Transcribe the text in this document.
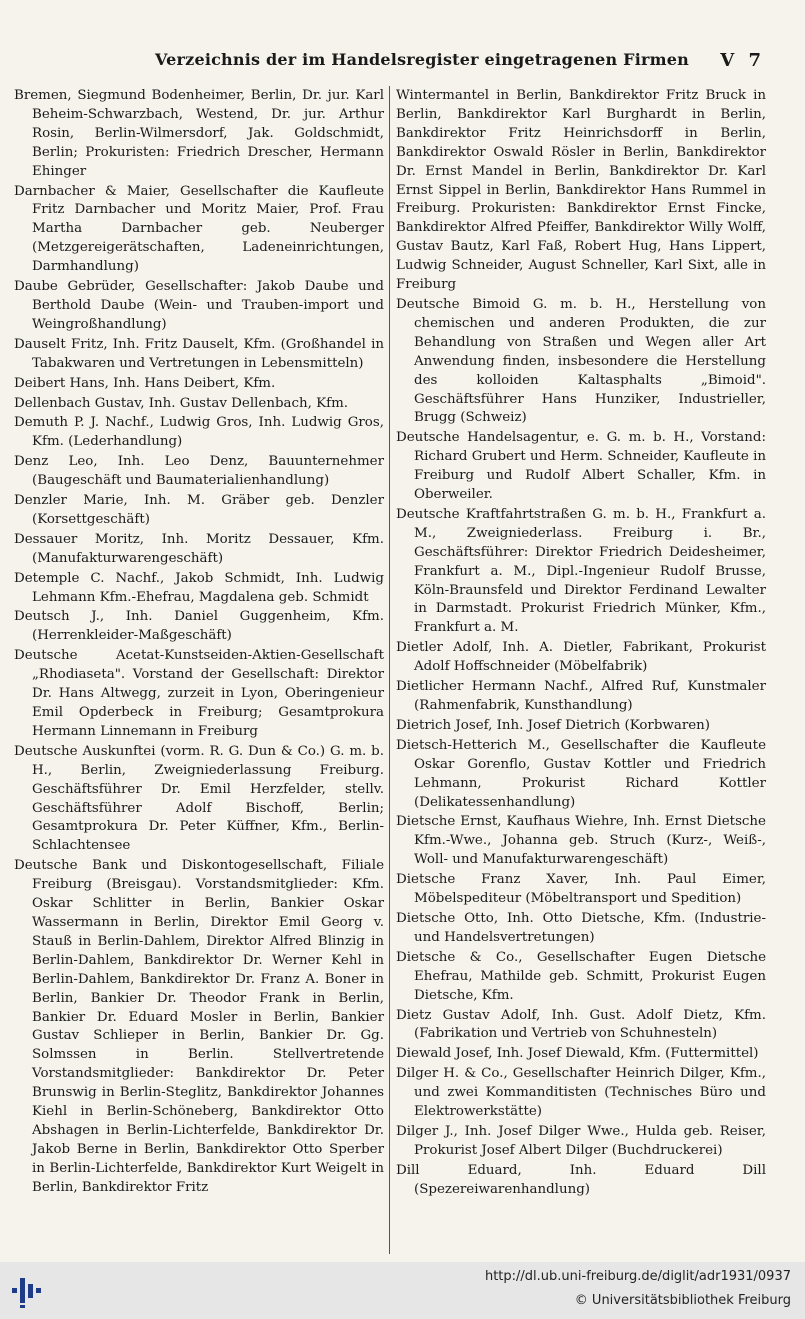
Verzeichnis der im Handelsregister eingetragenen Firmen V 7

Bremen, Siegmund Bodenheimer, Berlin, Dr. jur. Karl Beheim-Schwarzbach, Westend, Dr. jur. Arthur Rosin, Berlin-Wilmersdorf, Jak. Goldschmidt, Berlin; Prokuristen: Friedrich Drescher, Hermann Ehinger

Darnbacher & Maier, Gesellschafter die Kaufleute Fritz Darnbacher und Moritz Maier, Prof. Frau Martha Darnbacher geb. Neuberger (Metzgereigerätschaften, Ladeneinrichtungen, Darmhandlung)

Daube Gebrüder, Gesellschafter: Jakob Daube und Berthold Daube (Wein- und Trauben-import und Weingroßhandlung)

Dauselt Fritz, Inh. Fritz Dauselt, Kfm. (Großhandel in Tabakwaren und Vertretungen in Lebensmitteln)

Deibert Hans, Inh. Hans Deibert, Kfm.

Dellenbach Gustav, Inh. Gustav Dellenbach, Kfm.

Demuth P. J. Nachf., Ludwig Gros, Inh. Ludwig Gros, Kfm. (Lederhandlung)

Denz Leo, Inh. Leo Denz, Bauunternehmer (Baugeschäft und Baumaterialienhandlung)

Denzler Marie, Inh. M. Gräber geb. Denzler (Korsettgeschäft)

Dessauer Moritz, Inh. Moritz Dessauer, Kfm. (Manufakturwarengeschäft)

Detemple C. Nachf., Jakob Schmidt, Inh. Ludwig Lehmann Kfm.-Ehefrau, Magdalena geb. Schmidt

Deutsch J., Inh. Daniel Guggenheim, Kfm. (Herrenkleider-Maßgeschäft)

Deutsche Acetat-Kunstseiden-Aktien-Gesellschaft „Rhodiaseta". Vorstand der Gesellschaft: Direktor Dr. Hans Altwegg, zurzeit in Lyon, Oberingenieur Emil Opderbeck in Freiburg; Gesamtprokura Hermann Linnemann in Freiburg

Deutsche Auskunftei (vorm. R. G. Dun & Co.) G. m. b. H., Berlin, Zweigniederlassung Freiburg. Geschäftsführer Dr. Emil Herzfelder, stellv. Geschäftsführer Adolf Bischoff, Berlin; Gesamtprokura Dr. Peter Küffner, Kfm., Berlin-Schlachtensee

Deutsche Bank und Diskontogesellschaft, Filiale Freiburg (Breisgau). Vorstandsmitglieder: Kfm. Oskar Schlitter in Berlin, Bankier Oskar Wassermann in Berlin, Direktor Emil Georg v. Stauß in Berlin-Dahlem, Direktor Alfred Blinzig in Berlin-Dahlem, Bankdirektor Dr. Werner Kehl in Berlin-Dahlem, Bankdirektor Dr. Franz A. Boner in Berlin, Bankier Dr. Theodor Frank in Berlin, Bankier Dr. Eduard Mosler in Berlin, Bankier Gustav Schlieper in Berlin, Bankier Dr. Gg. Solmssen in Berlin. Stellvertretende Vorstandsmitglieder: Bankdirektor Dr. Peter Brunswig in Berlin-Steglitz, Bankdirektor Johannes Kiehl in Berlin-Schöneberg, Bankdirektor Otto Abshagen in Berlin-Lichterfelde, Bankdirektor Dr. Jakob Berne in Berlin, Bankdirektor Otto Sperber in Berlin-Lichterfelde, Bankdirektor Kurt Weigelt in Berlin, Bankdirektor Fritz

Wintermantel in Berlin, Bankdirektor Fritz Bruck in Berlin, Bankdirektor Karl Burghardt in Berlin, Bankdirektor Fritz Heinrichsdorff in Berlin, Bankdirektor Oswald Rösler in Berlin, Bankdirektor Dr. Ernst Mandel in Berlin, Bankdirektor Dr. Karl Ernst Sippel in Berlin, Bankdirektor Hans Rummel in Freiburg. Prokuristen: Bankdirektor Ernst Fincke, Bankdirektor Alfred Pfeiffer, Bankdirektor Willy Wolff, Gustav Bautz, Karl Faß, Robert Hug, Hans Lippert, Ludwig Schneider, August Schneller, Karl Sixt, alle in Freiburg

Deutsche Bimoid G. m. b. H., Herstellung von chemischen und anderen Produkten, die zur Behandlung von Straßen und Wegen aller Art Anwendung finden, insbesondere die Herstellung des kolloiden Kaltasphalts „Bimoid". Geschäftsführer Hans Hunziker, Industrieller, Brugg (Schweiz)

Deutsche Handelsagentur, e. G. m. b. H., Vorstand: Richard Grubert und Herm. Schneider, Kaufleute in Freiburg und Rudolf Albert Schaller, Kfm. in Oberweiler.

Deutsche Kraftfahrtstraßen G. m. b. H., Frankfurt a. M., Zweigniederlass. Freiburg i. Br., Geschäftsführer: Direktor Friedrich Deidesheimer, Frankfurt a. M., Dipl.-Ingenieur Rudolf Brusse, Köln-Braunsfeld und Direktor Ferdinand Lewalter in Darmstadt. Prokurist Friedrich Münker, Kfm., Frankfurt a. M.

Dietler Adolf, Inh. A. Dietler, Fabrikant, Prokurist Adolf Hoffschneider (Möbelfabrik)

Dietlicher Hermann Nachf., Alfred Ruf, Kunstmaler (Rahmenfabrik, Kunsthandlung)

Dietrich Josef, Inh. Josef Dietrich (Korbwaren)

Dietsch-Hetterich M., Gesellschafter die Kaufleute Oskar Gorenflo, Gustav Kottler und Friedrich Lehmann, Prokurist Richard Kottler (Delikatessenhandlung)

Dietsche Ernst, Kaufhaus Wiehre, Inh. Ernst Dietsche Kfm.-Wwe., Johanna geb. Struch (Kurz-, Weiß-, Woll- und Manufakturwarengeschäft)

Dietsche Franz Xaver, Inh. Paul Eimer, Möbelspediteur (Möbeltransport und Spedition)

Dietsche Otto, Inh. Otto Dietsche, Kfm. (Industrie- und Handelsvertretungen)

Dietsche & Co., Gesellschafter Eugen Dietsche Ehefrau, Mathilde geb. Schmitt, Prokurist Eugen Dietsche, Kfm.

Dietz Gustav Adolf, Inh. Gust. Adolf Dietz, Kfm. (Fabrikation und Vertrieb von Schuhnesteln)

Diewald Josef, Inh. Josef Diewald, Kfm. (Futtermittel)

Dilger H. & Co., Gesellschafter Heinrich Dilger, Kfm., und zwei Kommanditisten (Technisches Büro und Elektrowerkstätte)

Dilger J., Inh. Josef Dilger Wwe., Hulda geb. Reiser, Prokurist Josef Albert Dilger (Buchdruckerei)

Dill Eduard, Inh. Eduard Dill (Spezereiwarenhandlung)

http://dl.ub.uni-freiburg.de/diglit/adr1931/0937
© Universitätsbibliothek Freiburg
